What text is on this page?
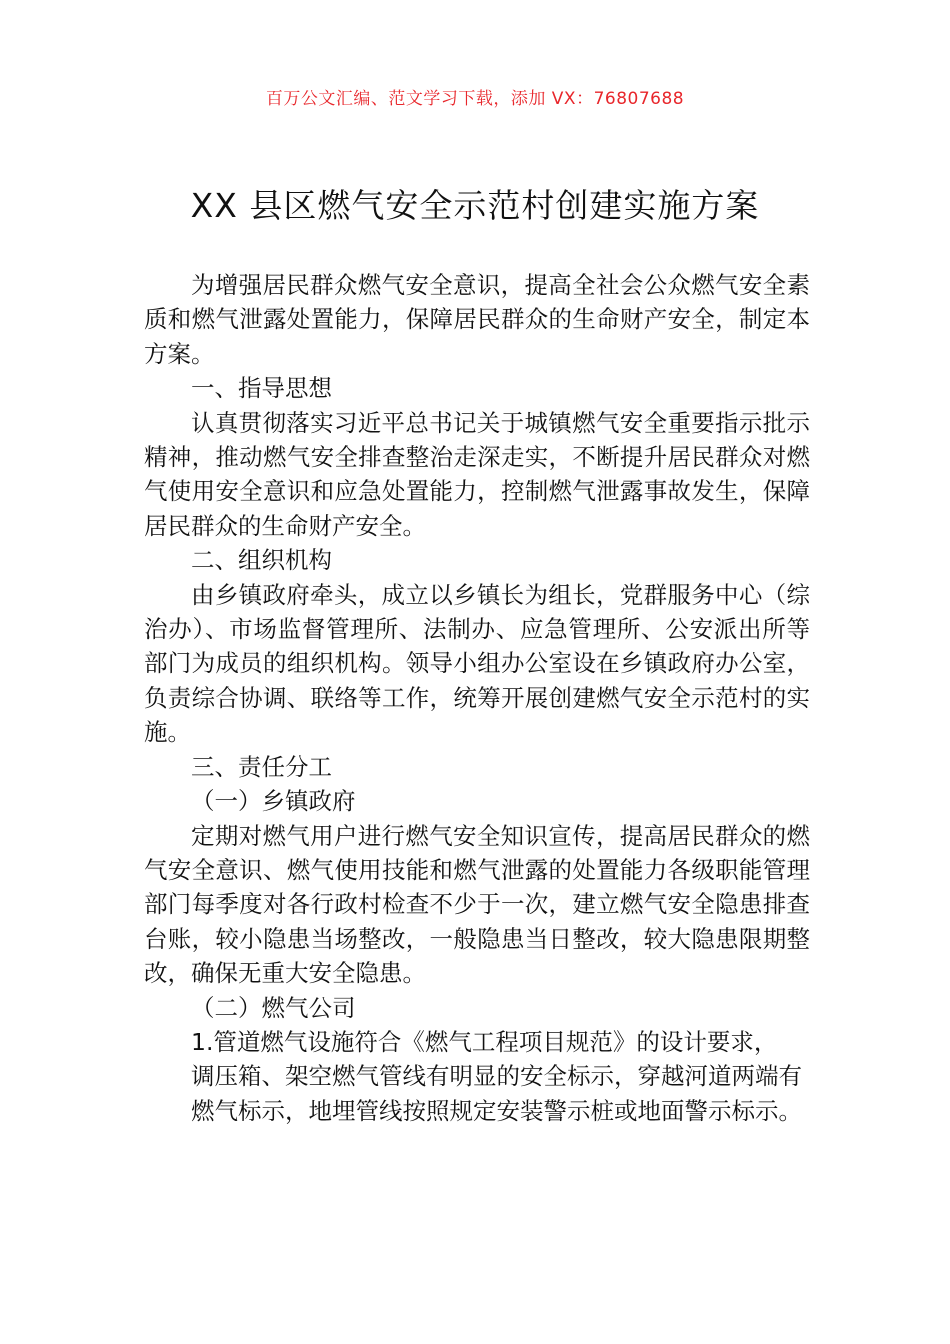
百万公文汇编、范文学习下载，添加 VX：76807688
XX 县区燃气安全示范村创建实施方案

为增强居民群众燃气安全意识，提高全社会公众燃气安全素质和燃气泄露处置能力，保障居民群众的生命财产安全，制定本方案。

一、指导思想

认真贯彻落实习近平总书记关于城镇燃气安全重要指示批示精神，推动燃气安全排查整治走深走实，不断提升居民群众对燃气使用安全意识和应急处置能力，控制燃气泄露事故发生，保障居民群众的生命财产安全。

二、组织机构

由乡镇政府牵头，成立以乡镇长为组长，党群服务中心（综治办）、市场监督管理所、法制办、应急管理所、公安派出所等部门为成员的组织机构。领导小组办公室设在乡镇政府办公室，负责综合协调、联络等工作，统筹开展创建燃气安全示范村的实施。

三、责任分工

（一）乡镇政府

定期对燃气用户进行燃气安全知识宣传，提高居民群众的燃气安全意识、燃气使用技能和燃气泄露的处置能力各级职能管理部门每季度对各行政村检查不少于一次，建立燃气安全隐患排查台账，较小隐患当场整改，一般隐患当日整改，较大隐患限期整改，确保无重大安全隐患。

（二）燃气公司

1.管道燃气设施符合《燃气工程项目规范》的设计要求，

调压箱、架空燃气管线有明显的安全标示，穿越河道两端有

燃气标示，地埋管线按照规定安装警示桩或地面警示标示。
